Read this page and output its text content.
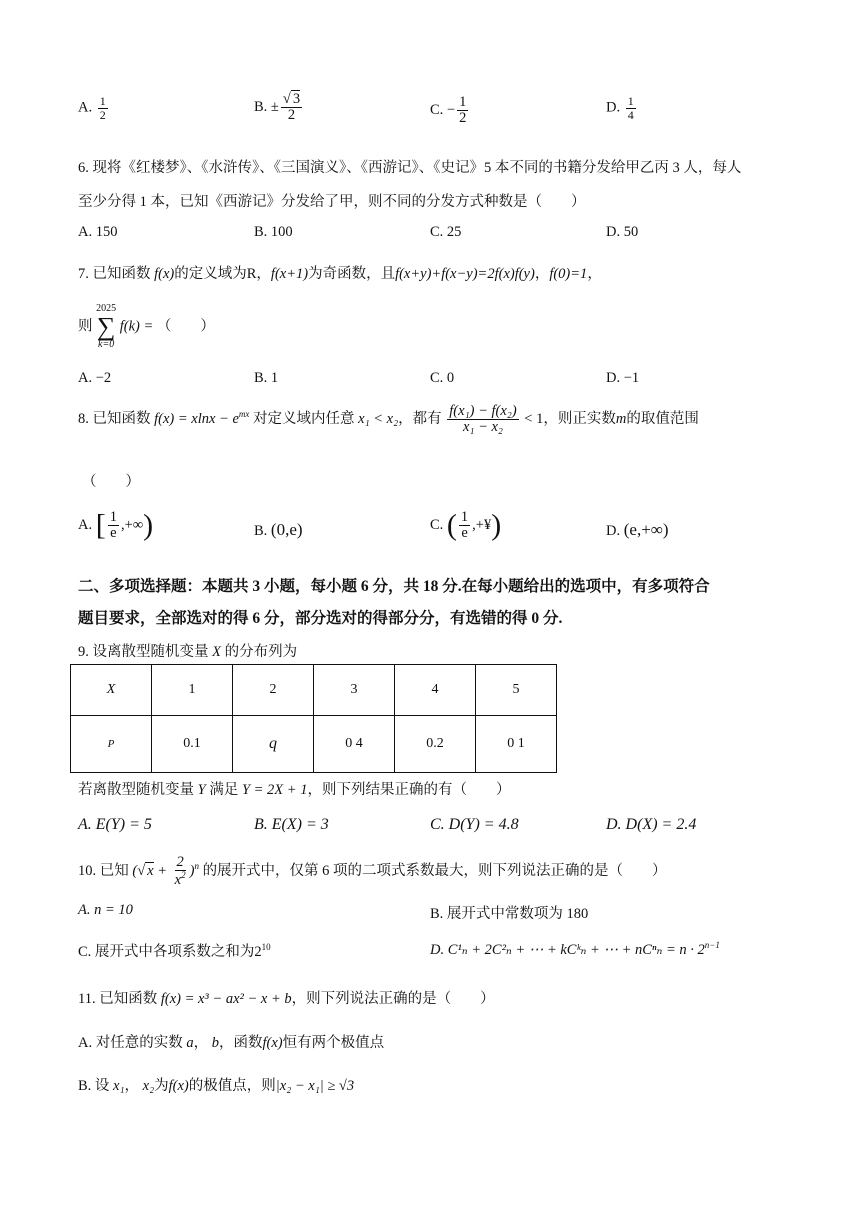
A. $\frac{1}{2}$	B. ± $\frac{√ 3}{2}$	C. − $\frac{1}{2}$	D. $\frac{1}{4}$
6. 现将《红楼梦》、《水浒传》、《三国演义》、《西游记》、《史记》5 本不同的书籍分发给甲乙丙 3 人，每人
至少分得 1 本，已知《西游记》分发给了甲，则不同的分发方式种数是（　　）
A. 150	B. 100	C. 25	D. 50
7. 已知函数 f(x)的定义域为R，f(x+1)为奇函数，且f(x+y)+f(x−y)=2f(x)f(y)，f(0)=1，
则
2025
∑
k=0
f(k) = （　　）
A. −2	B. 1	C. 0	D. −1
8. 已知函数 $f(x) = xlnx - e^{mx}$ 对定义域内任意 x₁ < x₂，都有 $\frac{\text{f(x₁) − f(x₂)}}{\text{x₁ − x₂}} < 1$，则正实数m的取值范围
（　　）
A. [ $\frac{1}{e}$ ,+∞)	B. (0,e)	C. ( $\frac{1}{e}$ ,+¥)	D. (e,+∞)
二、多项选择题：本题共 3 小题，每小题 6 分，共 18 分.在每小题给出的选项中，有多项符合
题目要求，全部选对的得 6 分，部分选对的得部分分，有选错的得 0 分.
9. 设离散型随机变量 X 的分布列为
X	1	2	3	4	5
P	0.1	q	0 4	0.2	0 1
若离散型随机变量 Y 满足 Y = 2X + 1，则下列结果正确的有（　　）
A. E(Y) = 5	B. E(X) = 3	C. D(Y) = 4.8	D. D(X) = 2.4
10. 已知 (√ $x + \frac{2}{x^2} )^n$ 的展开式中，仅第 6 项的二项式系数最大，则下列说法正确的是（　　）
A. n = 10	B. 展开式中常数项为 180
C. 展开式中各项系数之和为$2^{10}$	D. C¹ₙ + 2C²ₙ + ⋯ + kCᵏₙ + ⋯ + $nC^n_n = n \cdot 2^{n-1}$
11. 已知函数 f(x) = x³ − ax² − x + b，则下列说法正确的是（　　）
A. 对任意的实数 a， b，函数f(x)恒有两个极值点
B. 设 x₁， x₂为f(x)的极值点，则|x₂ − x₁| ≥ √3
